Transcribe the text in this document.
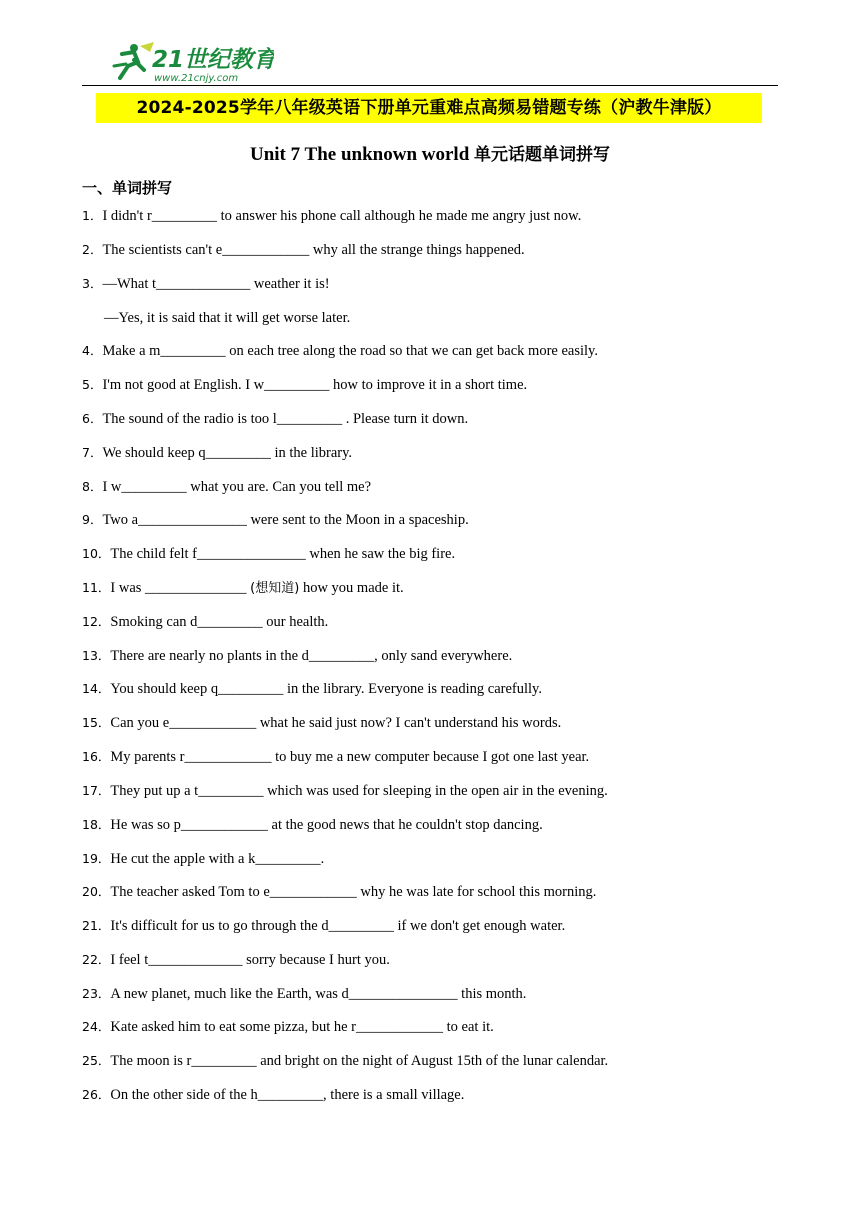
21世纪教育
www.21cnjy.com
2024-2025学年八年级英语下册单元重难点高频易错题专练（沪教牛津版）
Unit 7 The unknown world 单元话题单词拼写
一、单词拼写
1．I didn't r_________ to answer his phone call although he made me angry just now.
2．The scientists can't e____________ why all the strange things happened.
3．—What t_____________ weather it is!
—Yes, it is said that it will get worse later.
4．Make a m_________ on each tree along the road so that we can get back more easily.
5．I'm not good at English. I w_________ how to improve it in a short time.
6．The sound of the radio is too l_________ . Please turn it down.
7．We should keep q_________ in the library.
8．I w_________ what you are. Can you tell me?
9．Two a_______________ were sent to the Moon in a spaceship.
10．The child felt f_______________ when he saw the big fire.
11．I was ______________ (想知道) how you made it.
12．Smoking can d_________ our health.
13．There are nearly no plants in the d_________, only sand everywhere.
14．You should keep q_________ in the library. Everyone is reading carefully.
15．Can you e____________ what he said just now? I can't understand his words.
16．My parents r____________ to buy me a new computer because I got one last year.
17．They put up a t_________ which was used for sleeping in the open air in the evening.
18．He was so p____________ at the good news that he couldn't stop dancing.
19．He cut the apple with a k_________.
20．The teacher asked Tom to e____________ why he was late for school this morning.
21．It's difficult for us to go through the d_________ if we don't get enough water.
22．I feel t_____________ sorry because I hurt you.
23．A new planet, much like the Earth, was d_______________ this month.
24．Kate asked him to eat some pizza, but he r____________ to eat it.
25．The moon is r_________ and bright on the night of August 15th of the lunar calendar.
26．On the other side of the h_________, there is a small village.
